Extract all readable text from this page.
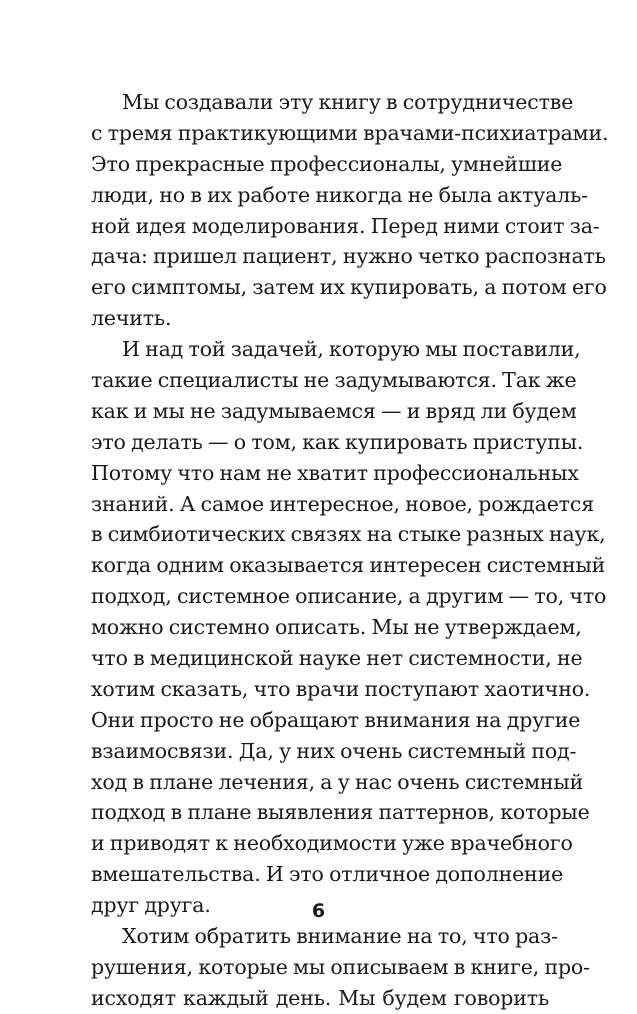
Мы создавали эту книгу в сотрудничестве
с тремя практикующими врачами-психиатрами.
Это прекрасные профессионалы, умнейшие
люди, но в их работе никогда не была актуаль-
ной идея моделирования. Перед ними стоит за-
дача: пришел пациент, нужно четко распознать
его симптомы, затем их купировать, а потом его
лечить.
И над той задачей, которую мы поставили,
такие специалисты не задумываются. Так же
как и мы не задумываемся — и вряд ли будем
это делать — о том, как купировать приступы.
Потому что нам не хватит профессиональных
знаний. А самое интересное, новое, рождается
в симбиотических связях на стыке разных наук,
когда одним оказывается интересен системный
подход, системное описание, а другим — то, что
можно системно описать. Мы не утверждаем,
что в медицинской науке нет системности, не
хотим сказать, что врачи поступают хаотично.
Они просто не обращают внимания на другие
взаимосвязи. Да, у них очень системный под-
ход в плане лечения, а у нас очень системный
подход в плане выявления паттернов, которые
и приводят к необходимости уже врачебного
вмешательства. И это отличное дополнение
друг друга.
Хотим обратить внимание на то, что раз-
рушения, которые мы описываем в книге, про-
исходят каждый день. Мы будем говорить
6
